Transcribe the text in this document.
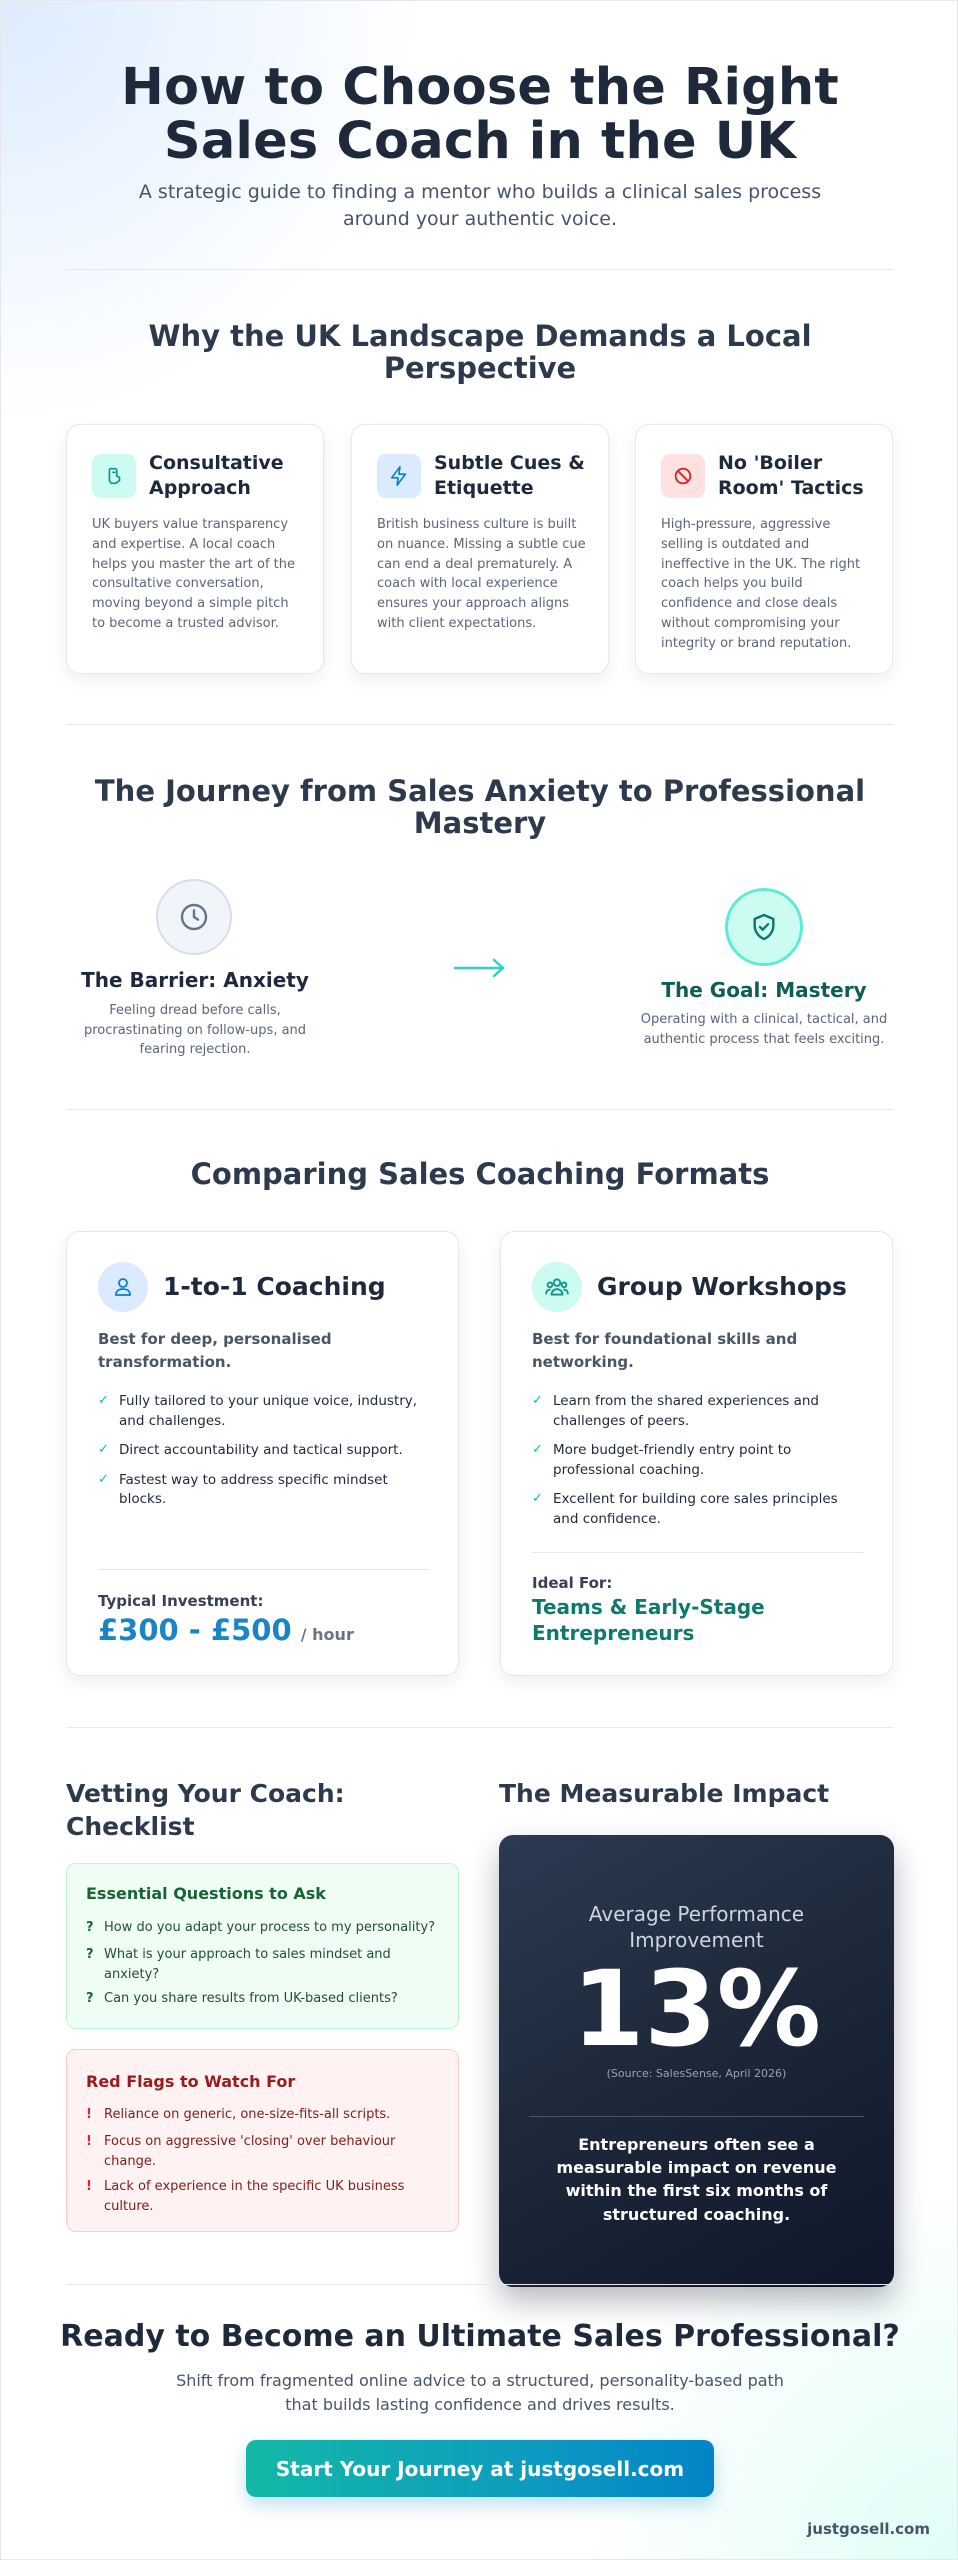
How to Choose the Right Sales Coach in the UK
A strategic guide to finding a mentor who builds a clinical sales process around your authentic voice.
Why the UK Landscape Demands a Local Perspective
Consultative Approach
UK buyers value transparency and expertise. A local coach helps you master the art of the consultative conversation, moving beyond a simple pitch to become a trusted advisor.
Subtle Cues & Etiquette
British business culture is built on nuance. Missing a subtle cue can end a deal prematurely. A coach with local experience ensures your approach aligns with client expectations.
No 'Boiler Room' Tactics
High-pressure, aggressive selling is outdated and ineffective in the UK. The right coach helps you build confidence and close deals without compromising your integrity or brand reputation.
The Journey from Sales Anxiety to Professional Mastery
The Barrier: Anxiety
Feeling dread before calls, procrastinating on follow-ups, and fearing rejection.
The Goal: Mastery
Operating with a clinical, tactical, and authentic process that feels exciting.
Comparing Sales Coaching Formats
1-to-1 Coaching
Best for deep, personalised transformation.
✓ Fully tailored to your unique voice, industry, and challenges.
✓ Direct accountability and tactical support.
✓ Fastest way to address specific mindset blocks.
Typical Investment:
£300 - £500 / hour
Group Workshops
Best for foundational skills and networking.
✓ Learn from the shared experiences and challenges of peers.
✓ More budget-friendly entry point to professional coaching.
✓ Excellent for building core sales principles and confidence.
Ideal For:
Teams & Early-Stage Entrepreneurs
Vetting Your Coach: Checklist
Essential Questions to Ask
? How do you adapt your process to my personality?
? What is your approach to sales mindset and anxiety?
? Can you share results from UK-based clients?
Red Flags to Watch For
! Reliance on generic, one-size-fits-all scripts.
! Focus on aggressive 'closing' over behaviour change.
! Lack of experience in the specific UK business culture.
The Measurable Impact
Average Performance Improvement
13%
(Source: SalesSense, April 2026)
Entrepreneurs often see a measurable impact on revenue within the first six months of structured coaching.
Ready to Become an Ultimate Sales Professional?
Shift from fragmented online advice to a structured, personality-based path that builds lasting confidence and drives results.
Start Your Journey at justgosell.com
justgosell.com
